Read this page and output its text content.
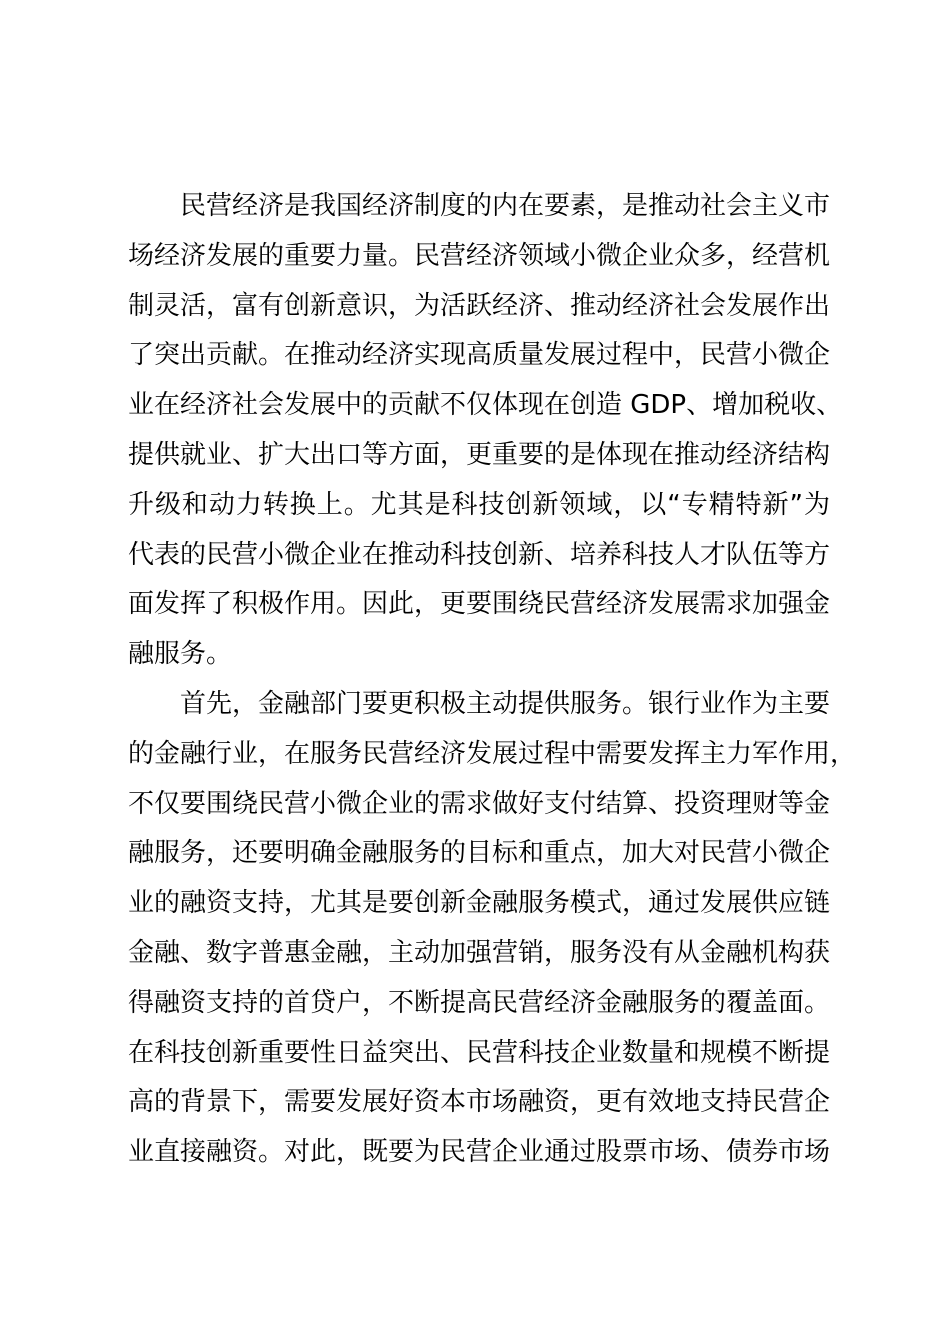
民营经济是我国经济制度的内在要素，是推动社会主义市
场经济发展的重要力量。民营经济领域小微企业众多，经营机
制灵活，富有创新意识，为活跃经济、推动经济社会发展作出
了突出贡献。在推动经济实现高质量发展过程中，民营小微企
业在经济社会发展中的贡献不仅体现在创造 GDP、增加税收、
提供就业、扩大出口等方面，更重要的是体现在推动经济结构
升级和动力转换上。尤其是科技创新领域，以“专精特新”为
代表的民营小微企业在推动科技创新、培养科技人才队伍等方
面发挥了积极作用。因此，更要围绕民营经济发展需求加强金
融服务。
首先，金融部门要更积极主动提供服务。银行业作为主要
的金融行业，在服务民营经济发展过程中需要发挥主力军作用，
不仅要围绕民营小微企业的需求做好支付结算、投资理财等金
融服务，还要明确金融服务的目标和重点，加大对民营小微企
业的融资支持，尤其是要创新金融服务模式，通过发展供应链
金融、数字普惠金融，主动加强营销，服务没有从金融机构获
得融资支持的首贷户，不断提高民营经济金融服务的覆盖面。
在科技创新重要性日益突出、民营科技企业数量和规模不断提
高的背景下，需要发展好资本市场融资，更有效地支持民营企
业直接融资。对此，既要为民营企业通过股票市场、债券市场
